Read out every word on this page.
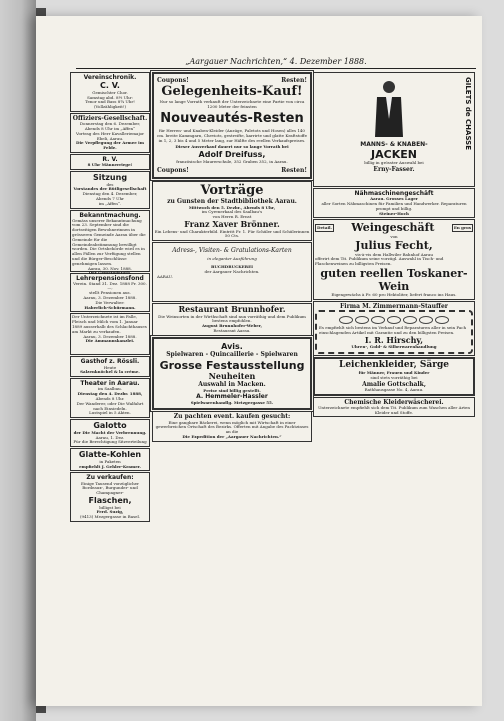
„Aargauer Nachrichten,“ 4. Dezember 1888.
Vereinschronik.
C. V.
Gemischter Chor.
Samstag abd. 8½ Uhr:
Tenor und Bass 8¾ Uhr!
(Vollzähligkeit!)
Offiziers-Gesellschaft.
Donnerstag den 6. Dezember,
Abends 8 Uhr im „Affen“
Vortrag des Herr Kavalleriemajor
Ebeli, Aarau.
Die Verpflegung der Armee im Felde.
R. V.
8 Uhr Männerriege!
Sitzung
des
Vorstandes der Rütligesellschaft
Dienstag den 4. Dezember,
Abends 7 Uhr
im „Affen“.
Bekanntmachung.
Gemäss unserer Bekanntmachung vom 23. September sind die dortseitigen Bewohnerinnen in grösseren Gemeinde Aarau über die Gemeinde für die Gemeindeabstimmung bewilligt worden. Die Ortsbehörde wird es in allen Fällen zur Verfügung stellen und die Bürger-Beschlüsse genehmigen lassen.
Aarau, 30. Nov. 1888.
Der Gemeinderath.
Lehrerpensionsfond
Verein. Stand 31. Dez. 1888 Fr. 300.—,
stellt Pensionen aus.
Aarau, 3. Dezember 1888.
Die Verwalter:
Haberlich-Schürmann.
Der Unterzeichnete ist im Falle, Fleisch und Milch vom 1. Januar 1889 ausserhalb des Schlachthauses am Markt zu verkaufen.
Aarau, 3. Dezember 1888.
Die Ammannskanzlei.
Gasthof z. Rössli.
Heute
Salzenknöchel & la créme.
Theater in Aarau.
im Saalbau.
Dienstag den 4. Dezbr. 1888,
Abends 8 Uhr.
Der Wanderer, oder Die Walfahrt nach Einsiedeln.
Lustspiel in 5 Akten.
Galotto
der Die Macht der Verbrennung.
Aarau, 1. Dez.
Für die Berechtigung Sitzverteilung
Glatte-Kohlen
in Paketen
empfiehlt J. Gehler-Kramer.
Zu verkaufen:
Einige Tausend vorzüglicher
Bordeaux-, Burgunder- und Champagner-
Flaschen,
billigst bei
Ferd. Suzig,
(9413) Mezgergasse in Basel.
Coupons!	Resten!
Gelegenheits-Kauf!
Nur so lange Vorrath verkauft der Unterzeichnete eine Partie von circa 1200 Meter der feinsten
Nouveautés-Resten
für Herren- und Knaben-Kleider (Anzüge, Paletots und Hosen) alles 140 cm. breite Kammgarn, Cheviots, gestreifte, karrirte und glatte Kraftstoffe in 1, 2, 3 bis 4 und 5 Meter lang, zur Hälfte des reellen Verkaufspreises.
Dieser Ausverkauf dauert nur so lange Vorrath bei
Adolf Dreifuss,
französische Maurerschule, 352 Graben 352, in Aarau.
Coupons!	Resten!
Vorträge
zu Gunsten der Stadtbibliothek Aarau.
Mittwoch den 5. Dezbr., Abends 8 Uhr,
im Cyrenerkaal des Saalbau's
von Herrn R. Ernst
Franz Xaver Brönner.
Ein Lebens- und Charakterbild. Eintritt Fr. 1. Für Schüler und Schülerinnen 50 Cts.
Adress-, Visiten- & Gratulations-Karten
in eleganter Ausführung
BUCHDRUCKEREI
der Aargauer Nachrichten.
AARAU.
Restaurant Brunnhofer.
Die Weinsorten in der Wirthschaft sind nun vorräthig und dem Publikum bestens empfohlen.
August Brunnhofer-Weber,
Restaurant Aarau.
Avis.
Spielwaren - Quincaillerie - Spielwaren
Grosse Festausstellung
Neuheiten
Auswahl in Macken.
Preise sind billig gestellt.
A. Hemmeler-Hassler
Spielwarenhandlg. Metzgergasse 55.
Zu pachten event. kaufen gesucht:
Eine gangbare Bäckerei, wenn möglich mit Wirtschaft in einer gewerbreichen Ortschaft des Bezirks. Offerten mit Angabe des Pachtzinses an die
Die Expedition der „Aargauer Nachrichten.“
GILETS de CHASSE
MANNS- & KNABEN-
JACKEN
billig in grösster Auswahl bei
Erny-Fasser.
Nähmaschinengeschäft
Aarau. Grosses Lager
aller Sorten Nähmaschinen für Familien und Handwerker. Reparaturen prompt und billig.
Steiner-Hoch
Detail.	Weingeschäft	En gros
von
Julius Fecht,
vis-à-vis dem Hallwiler Bahnhof Aarau
offerirt dem Tit. Publikum seine vorzügl. Auswahl in Tisch- und Flaschenweinen zu billigsten Preisen.
guten reellen Toskaner-Wein
Eigengewächs à Fr. 60 pro Hektoliter, liefert franco ins Haus.
Firma M. Zimmermann-Stauffer
Es empfiehlt sich bestens im Verkauf und Reparaturen aller in sein Fach einschlagenden Artikel mit Garantie und zu den billigsten Preisen.
I. R. Hirschy,
Uhren-, Gold- & Silberwarenhandlung
Leichenkleider, Särge
für Männer, Frauen und Kinder
sind stets vorräthig bei
Amalie Gottschalk,
Rathhausgasse No. 4, Aarau.
Chemische Kleiderwäscherei.
Unterzeichnete empfiehlt sich dem Tit. Publikum zum Waschen aller Arten Kleider und Stoffe.
